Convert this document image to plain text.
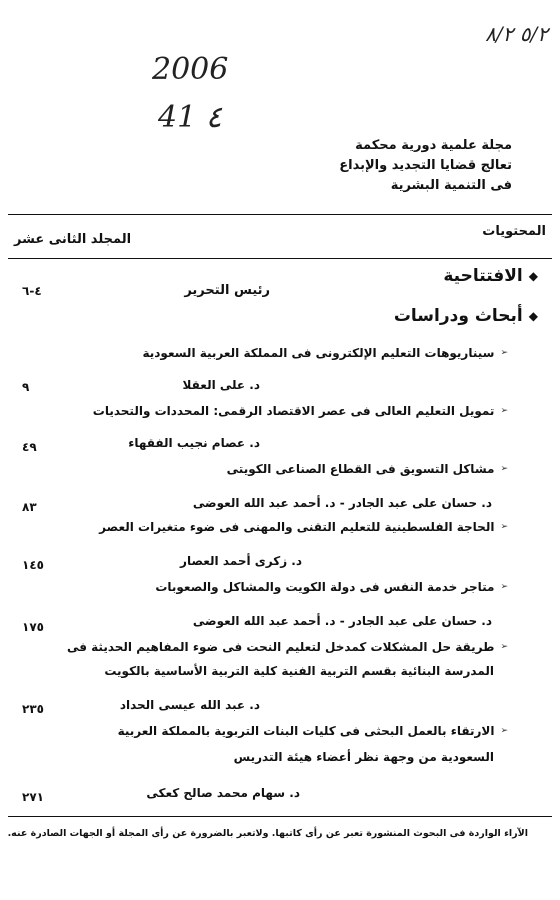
٥/٢ ٨/٢
2006
41 ٤
مجلة علمية دورية محكمة
تعالج قضايا التجديد والإبداع
فى التنمية البشرية
المحتويات
المجلد الثانى عشر
◆
الافتتاحية
رئيس التحرير
٤-٦
◆
أبحاث ودراسات
➢
سيناريوهات التعليم الإلكترونى فى المملكة العربية السعودية
د. على العقلا
٩
➢
تمويل التعليم العالى فى عصر الاقتصاد الرقمى: المحددات والتحديات
د. عصام نجيب الفقهاء
٤٩
➢
مشاكل التسويق فى القطاع الصناعى الكويتى
د. حسان على عبد الجادر - د. أحمد عبد الله العوضى
٨٣
➢
الحاجة الفلسطينية للتعليم التقنى والمهنى فى ضوء متغيرات العصر
د. زكرى أحمد العصار
١٤٥
➢
متاجر خدمة النفس فى دولة الكويت والمشاكل والصعوبات
د. حسان على عبد الجادر - د. أحمد عبد الله العوضى
١٧٥
➢
طريقة حل المشكلات كمدخل لتعليم النحت فى ضوء المفاهيم الحديثة فى
المدرسة البنائية بقسم التربية الفنية كلية التربية الأساسية بالكويت
د. عبد الله عيسى الحداد
٢٣٥
➢
الارتقاء بالعمل البحثى فى كليات البنات التربوية بالمملكة العربية
السعودية من وجهة نظر أعضاء هيئة التدريس
د. سهام محمد صالح كعكى
٢٧١
الآراء الواردة فى البحوث المنشورة تعبر عن رأى كاتبها. ولاتعبر بالضرورة عن رأى المجلة أو الجهات الصادرة عنه.
